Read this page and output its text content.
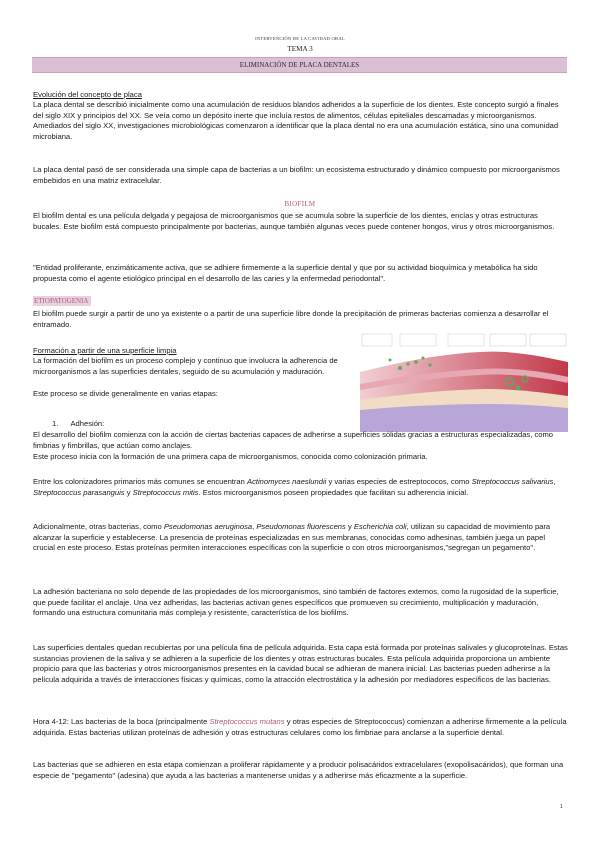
INTERVENCIÓN DE LA CAVIDAD ORAL
TEMA 3
ELIMINACIÓN DE PLACA DENTALES
Evolución del concepto de placa
La placa dental se describió inicialmente como una acumulación de residuos blandos adheridos a la superficie de los dientes. Este concepto surgió a finales del siglo XIX y principios del XX. Se veía como un depósito inerte que incluía restos de alimentos, células epiteliales descamadas y microorganismos. Amediados del siglo XX, investigaciones microbiológicas comenzaron a identificar que la placa dental no era una acumulación estática, sino una comunidad microbiana.
La placa dental pasó de ser considerada una simple capa de bacterias a un biofilm: un ecosistema estructurado y dinámico compuesto por microorganismos embebidos en una matriz extracelular.
BIOFILM
El biofilm dental es una película delgada y pegajosa de microorganismos que se acumula sobre la superficie de los dientes, encías y otras estructuras bucales. Este biofilm está compuesto principalmente por bacterias, aunque también algunas veces puede contener hongos, virus y otros microorganismos.
"Entidad proliferante, enzimáticamente activa, que se adhiere firmemente a la superficie dental y que por su actividad bioquímica y metabólica ha sido propuesta como el agente etiológico principal en el desarrollo de las caries y la enfermedad periodontal".
ETIOPATOGENIA
El biofilm puede surgir a partir de uno ya existente o a partir de una superficie libre donde la precipitación de primeras bacterias comienza a desarrollar el entramado.
Formación a partir de una superficie limpia
La formación del biofilm es un proceso complejo y continuo que involucra la adherencia de microorganismos a las superficies dentales, seguido de su acumulación y maduración.
Este proceso se divide generalmente en varias etapas:
1. Adhesión:
El desarrollo del biofilm comienza con la acción de ciertas bacterias capaces de adherirse a superficies sólidas gracias a estructuras especializadas, como fimbrias y fimbrillas, que actúan como anclajes.
Este proceso inicia con la formación de una primera capa de microorganismos, conocida como colonización primaria.
Entre los colonizadores primarios más comunes se encuentran Actinomyces naeslundii y varias especies de estreptococos, como Streptococcus salivarius, Streptococcus parasanguis y Streptococcus mitis. Estos microorganismos poseen propiedades que facilitan su adherencia inicial.
Adicionalmente, otras bacterias, como Pseudomonas aeruginosa, Pseudomonas fluorescens y Escherichia coli, utilizan su capacidad de movimiento para alcanzar la superficie y establecerse. La presencia de proteínas especializadas en sus membranas, conocidas como adhesinas, también juega un papel crucial en este proceso. Estas proteínas permiten interacciones específicas con la superficie o con otros microorganismos,"segregan un pegamento".
La adhesión bacteriana no solo depende de las propiedades de los microorganismos, sino también de factores externos, como la rugosidad de la superficie, que puede facilitar el anclaje. Una vez adheridas, las bacterias activan genes específicos que promueven su crecimiento, multiplicación y maduración, formando una estructura comunitaria más compleja y resistente, característica de los biofilms.
Las superficies dentales quedan recubiertas por una película fina de película adquirida. Esta capa está formada por proteínas salivales y glucoproteínas. Estas sustancias provienen de la saliva y se adhieren a la superficie de los dientes y otras estructuras bucales. Esta película adquirida proporciona un ambiente propicio para que las bacterias y otros microorganismos presentes en la cavidad bucal se adhieran de manera inicial. Las bacterias pueden adherirse a la película adquirida a través de interacciones físicas y químicas, como la atracción electrostática y la adhesión por mediadores específicos de las bacterias.
Hora 4-12: Las bacterias de la boca (principalmente Streptococcus mutans y otras especies de Streptococcus) comienzan a adherirse firmemente a la película adquirida. Estas bacterias utilizan proteínas de adhesión y otras estructuras celulares como los fimbriae para anclarse a la superficie dental.
Las bacterias que se adhieren en esta etapa comienzan a proliferar rápidamente y a producir polisacáridos extracelulares (exopolisacáridos), que forman una especie de "pegamento" (adesina) que ayuda a las bacterias a mantenerse unidas y a adherirse más eficazmente a la superficie.
1
